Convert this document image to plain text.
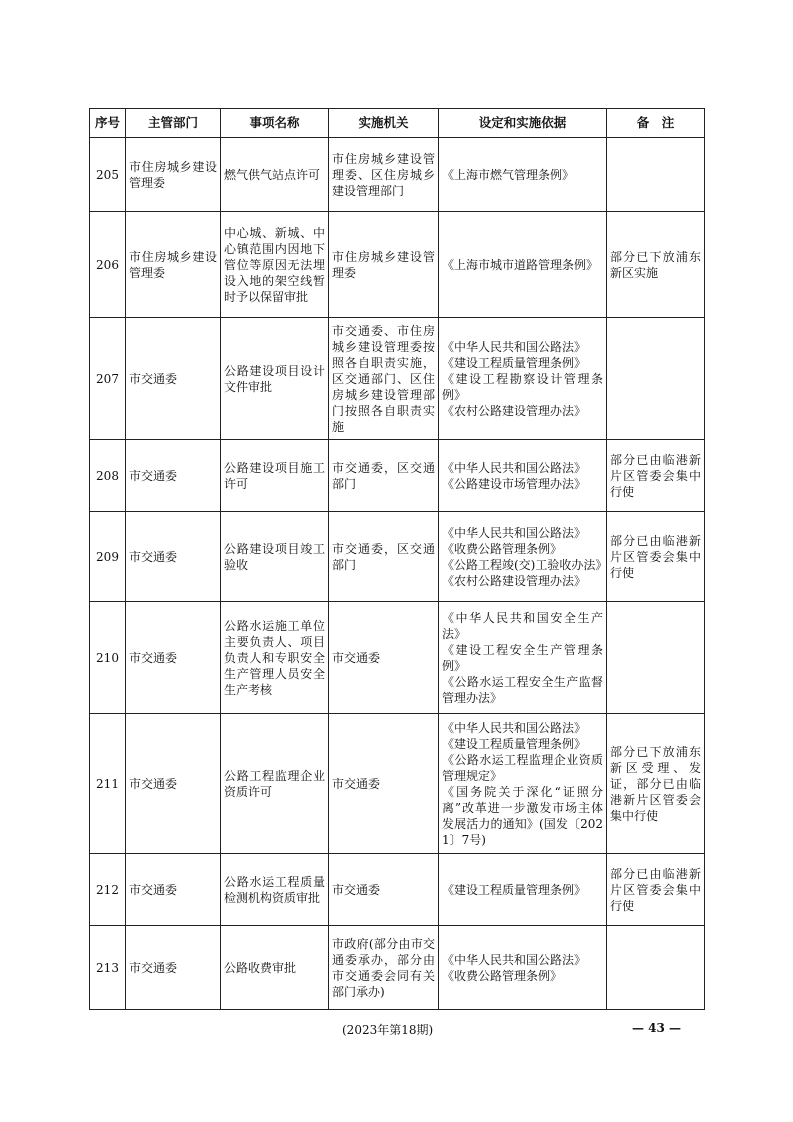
序号	主管部门	事项名称	实施机关	设定和实施依据	备　注
205	市住房城乡建设管理委	燃气供气站点许可	市住房城乡建设管理委、区住房城乡建设管理部门	《上海市燃气管理条例》	

206	市住房城乡建设管理委	中心城、新城、中心镇范围内因地下管位等原因无法埋设入地的架空线暂时予以保留审批	市住房城乡建设管理委	《上海市城市道路管理条例》	部分已下放浦东新区实施
207	市交通委	公路建设项目设计文件审批	市交通委、市住房城乡建设管理委按照各自职责实施，区交通部门、区住房城乡建设管理部门按照各自职责实施	《中华人民共和国公路法》
《建设工程质量管理条例》
《建设工程勘察设计管理条例》
《农村公路建设管理办法》	

208	市交通委	公路建设项目施工许可	市交通委，区交通部门	《中华人民共和国公路法》
《公路建设市场管理办法》	部分已由临港新片区管委会集中行使
209	市交通委	公路建设项目竣工验收	市交通委，区交通部门	《中华人民共和国公路法》
《收费公路管理条例》
《公路工程竣(交)工验收办法》
《农村公路建设管理办法》	部分已由临港新片区管委会集中行使
210	市交通委	公路水运施工单位主要负责人、项目负责人和专职安全生产管理人员安全生产考核	市交通委	《中华人民共和国安全生产法》
《建设工程安全生产管理条例》
《公路水运工程安全生产监督管理办法》	

211	市交通委	公路工程监理企业资质许可	市交通委	《中华人民共和国公路法》
《建设工程质量管理条例》
《公路水运工程监理企业资质管理规定》
《国务院关于深化“证照分离”改革进一步激发市场主体发展活力的通知》(国发〔2021〕7号)	部分已下放浦东新区受理、发证，部分已由临港新片区管委会集中行使
212	市交通委	公路水运工程质量检测机构资质审批	市交通委	《建设工程质量管理条例》	部分已由临港新片区管委会集中行使
213	市交通委	公路收费审批	市政府(部分由市交通委承办，部分由市交通委会同有关部门承办)	《中华人民共和国公路法》
《收费公路管理条例》	

(2023年第18期)	— 43 —
